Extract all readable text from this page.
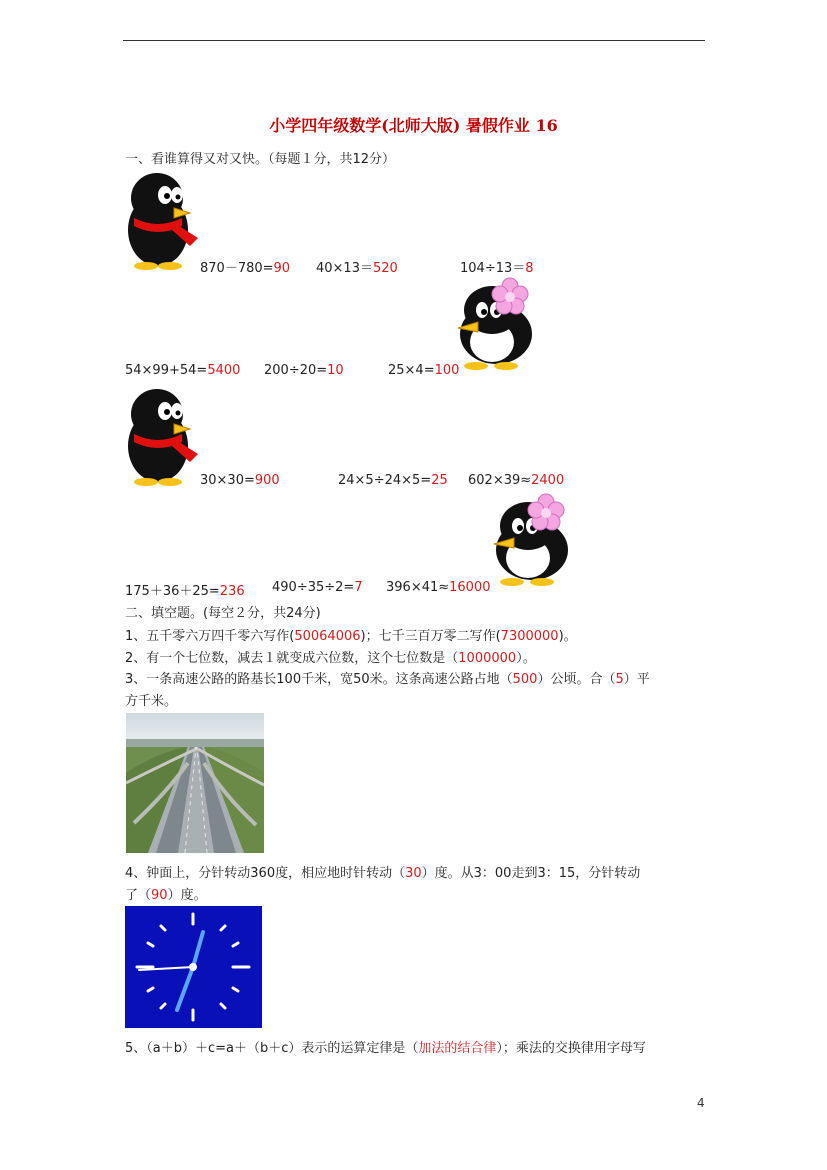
小学四年级数学(北师大版) 暑假作业 16
一、看谁算得又对又快。（每题１分，共12分）
870－780=90 40×13＝520	104÷13＝8
54×99+54=5400 200÷20=10	25×4=100
30×30=900	24×5÷24×5=25 602×39≈2400
175＋36＋25=236 490÷35÷2=7 396×41≈16000
二、填空题。(每空２分，共24分)
1、五千零六万四千零六写作(50064006)；七千三百万零二写作(7300000)。
2、有一个七位数，减去１就变成六位数，这个七位数是（1000000）。
3、一条高速公路的路基长100千米，宽50米。这条高速公路占地（500）公顷。合（5）平
方千米。
4、钟面上，分针转动360度，相应地时针转动（30）度。从3：00走到3：15，分针转动
了（90）度。
5、（a＋b）＋c=a＋（b＋c）表示的运算定律是（加法的结合律）；乘法的交换律用字母写
4
